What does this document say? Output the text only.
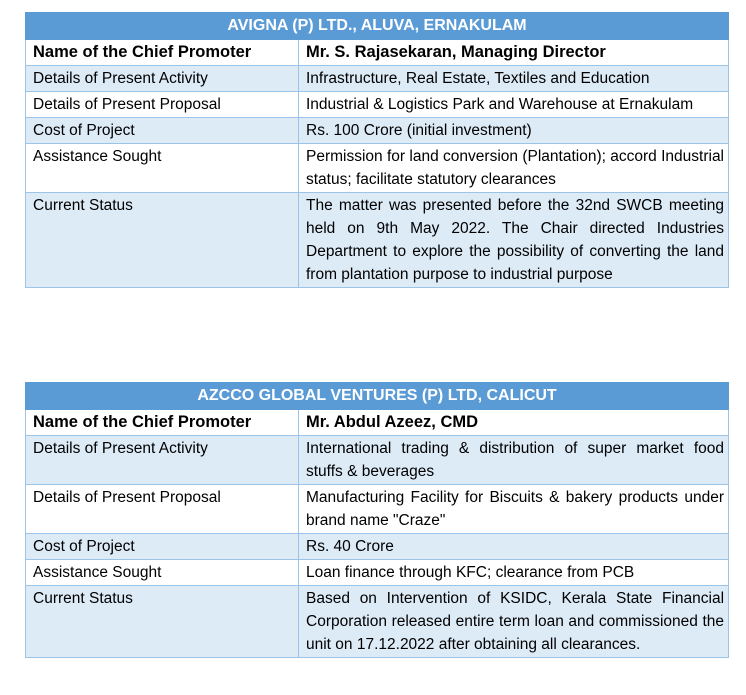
AVIGNA (P) LTD., ALUVA, ERNAKULAM	
Name of the Chief Promoter	Mr. S. Rajasekaran, Managing Director
Details of Present Activity	Infrastructure, Real Estate, Textiles and Education
Details of Present Proposal	Industrial & Logistics Park and Warehouse at Ernakulam
Cost of Project	Rs. 100 Crore (initial investment)
Assistance Sought	Permission for land conversion (Plantation); accord Industrial status; facilitate statutory clearances
Current Status	The matter was presented before the 32nd SWCB meeting held on 9th May 2022. The Chair directed Industries Department to explore the possibility of converting the land from plantation purpose to industrial purpose
AZCCO GLOBAL VENTURES (P) LTD, CALICUT	
Name of the Chief Promoter	Mr. Abdul Azeez, CMD
Details of Present Activity	International trading & distribution of super market food stuffs & beverages
Details of Present Proposal	Manufacturing Facility for Biscuits & bakery products under brand name "Craze"
Cost of Project	Rs. 40 Crore
Assistance Sought	Loan finance through KFC; clearance from PCB
Current Status	Based on Intervention of KSIDC, Kerala State Financial Corporation released entire term loan and commissioned the unit on 17.12.2022 after obtaining all clearances.
